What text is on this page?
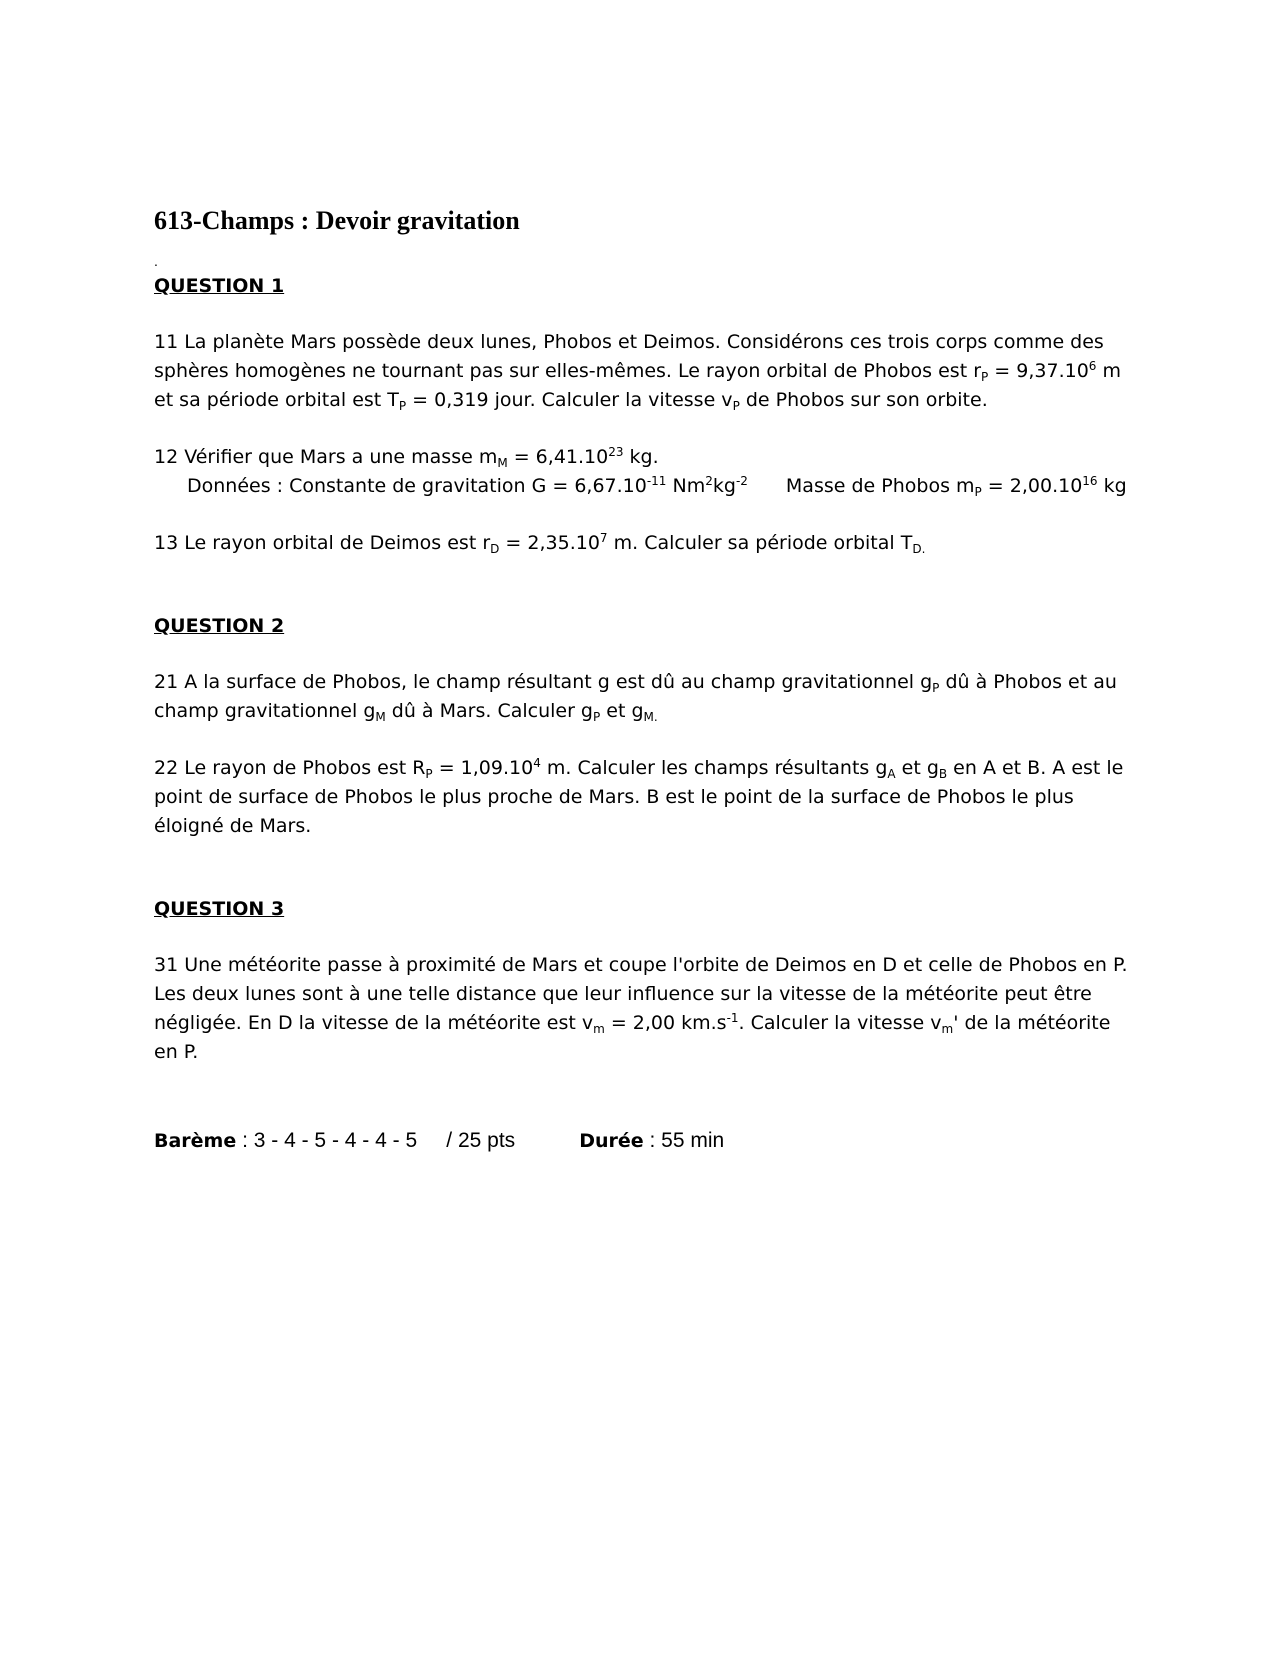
613-Champs : Devoir gravitation
.
QUESTION 1

11 La planète Mars possède deux lunes, Phobos et Deimos. Considérons ces trois corps comme des sphères homogènes ne tournant pas sur elles-mêmes. Le rayon orbital de Phobos est $r_P = 9,37.10^6$ m et sa période orbital est $T_P = 0,319$ jour. Calculer la vitesse $v_P$ de Phobos sur son orbite.

12 Vérifier que Mars a une masse $m_M = 6,41.10^{23}$ kg.

Données : Constante de gravitation $G = 6,67.10^{-11}$ $Nm^2kg^{-2}$ Masse de Phobos $m_P = 2,00.10^{16}$ kg

13 Le rayon orbital de Deimos est $r_D = 2,35.10^7$ m. Calculer sa période orbital $T_{D.}$

QUESTION 2

21 A la surface de Phobos, le champ résultant g est dû au champ gravitationnel $g_P$ dû à Phobos et au champ gravitationnel $g_M$ dû à Mars. Calculer $g_P$ et $g_{M.}$

22 Le rayon de Phobos est $R_P = 1,09.10^4$ m. Calculer les champs résultants $g_A$ et $g_B$ en A et B. A est le point de surface de Phobos le plus proche de Mars. B est le point de la surface de Phobos le plus éloigné de Mars.

QUESTION 3

31 Une météorite passe à proximité de Mars et coupe l'orbite de Deimos en D et celle de Phobos en P. Les deux lunes sont à une telle distance que leur influence sur la vitesse de la météorite peut être négligée. En D la vitesse de la météorite est $v_m = 2,00$ $km.s^{-1}$. Calculer la vitesse $v_m'$ de la météorite en P.

Barème : 3 - 4 - 5 - 4 - 4 - 5     / 25 pts	Durée : 55 min
